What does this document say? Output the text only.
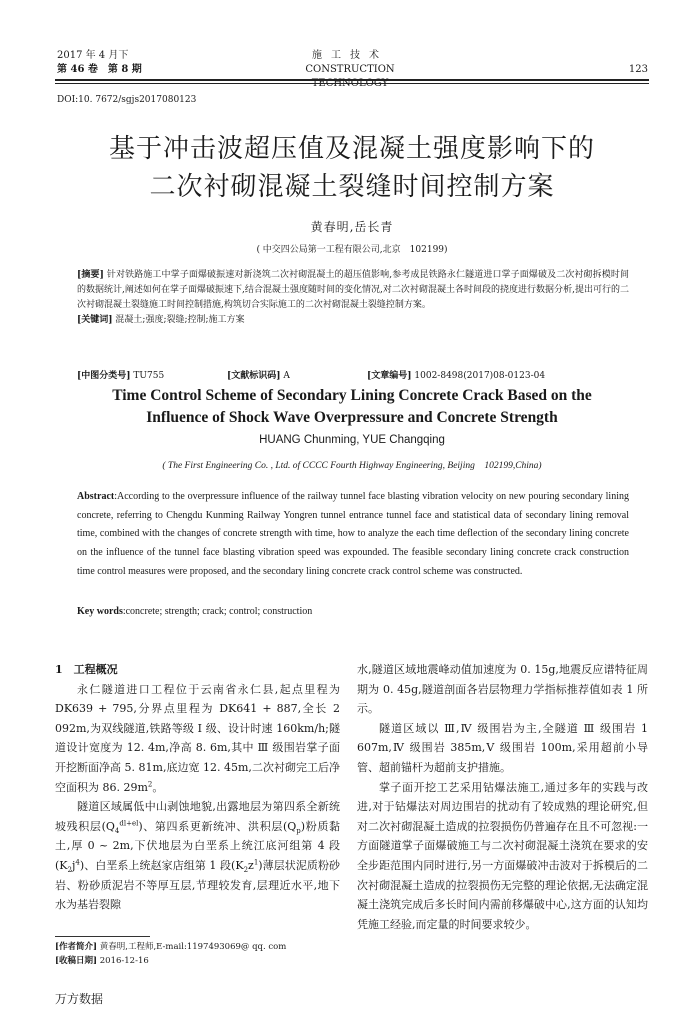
2017 年 4 月下
第 46 卷　第 8 期
施工技术
CONSTRUCTION TECHNOLOGY
123
DOI:10. 7672/sgjs2017080123
基于冲击波超压值及混凝土强度影响下的
二次衬砌混凝土裂缝时间控制方案
黄春明,岳长青
( 中交四公局第一工程有限公司,北京　102199)
[摘要] 针对铁路施工中掌子面爆破振速对新浇筑二次衬砌混凝土的超压值影响,参考成昆铁路永仁隧道进口掌子面爆破及二次衬砌拆模时间的数据统计,阐述如何在掌子面爆破振速下,结合混凝土强度随时间的变化情况,对二次衬砌混凝土各时间段的挠度进行数据分析,提出可行的二次衬砌混凝土裂缝施工时间控制措施,构筑切合实际施工的二次衬砌混凝土裂缝控制方案。
[关键词] 混凝土;强度;裂缝;控制;施工方案
[中图分类号] TU755	[文献标识码] A	[文章编号] 1002-8498(2017)08-0123-04
Time Control Scheme of Secondary Lining Concrete Crack Based on the
Influence of Shock Wave Overpressure and Concrete Strength
HUANG Chunming, YUE Changqing
( The First Engineering Co. , Ltd. of CCCC Fourth Highway Engineering, Beijing　102199,China)
Abstract:According to the overpressure influence of the railway tunnel face blasting vibration velocity on new pouring secondary lining concrete, referring to Chengdu Kunming Railway Yongren tunnel entrance tunnel face and statistical data of secondary lining removal time, combined with the changes of concrete strength with time, how to analyze the each time deflection of the secondary lining concrete on the influence of the tunnel face blasting vibration speed was expounded. The feasible secondary lining concrete crack construction time control measures were proposed, and the secondary lining concrete crack control scheme was constructed.
Key words:concrete; strength; crack; control; construction
1　工程概况

永仁隧道进口工程位于云南省永仁县,起点里程为 DK639 + 795,分界点里程为 DK641 + 887,全长 2 092m,为双线隧道,铁路等级 Ⅰ 级、设计时速 160km/h;隧道设计宽度为 12. 4m,净高 8. 6m,其中 Ⅲ 级围岩掌子面开挖断面净高 5. 81m,底边宽 12. 45m,二次衬砌完工后净空面积为 86. $29m^2$。

隧道区域属低中山剥蚀地貌,出露地层为第四系全新统坡残积层$(Q_4^{dl+el})$、第四系更新统冲、洪积层$(Q_p)$粉质黏土,厚 0 ~ 2m,下伏地层为白垩系上统江底河组第 4 段$(K_2j^4)$、白垩系上统赵家店组第 1 段$(K_2z^1)$薄层状泥质粉砂岩、粉砂质泥岩不等厚互层,节理较发育,层理近水平,地下水为基岩裂隙

水,隧道区域地震峰动值加速度为 0. 15g,地震反应谱特征周期为 0. 45g,隧道剖面各岩层物理力学指标推荐值如表 1 所示。

隧道区域以 Ⅲ,Ⅳ 级围岩为主,全隧道 Ⅲ 级围岩 1 607m,Ⅳ 级围岩 385m,Ⅴ 级围岩 100m,采用超前小导管、超前锚杆为超前支护措施。

掌子面开挖工艺采用钻爆法施工,通过多年的实践与改进,对于钻爆法对周边围岩的扰动有了较成熟的理论研究,但对二次衬砌混凝土造成的拉裂损伤仍普遍存在且不可忽视:一方面隧道掌子面爆破施工与二次衬砌混凝土浇筑在要求的安全步距范围内同时进行,另一方面爆破冲击波对于拆模后的二次衬砌混凝土造成的拉裂损伤无完整的理论依据,无法确定混凝土浇筑完成后多长时间内需前移爆破中心,这方面的认知均凭施工经验,而定量的时间要求较少。

[作者简介] 黄春明,工程师,E-mail:1197493069@ qq. com
[收稿日期] 2016-12-16
万方数据
